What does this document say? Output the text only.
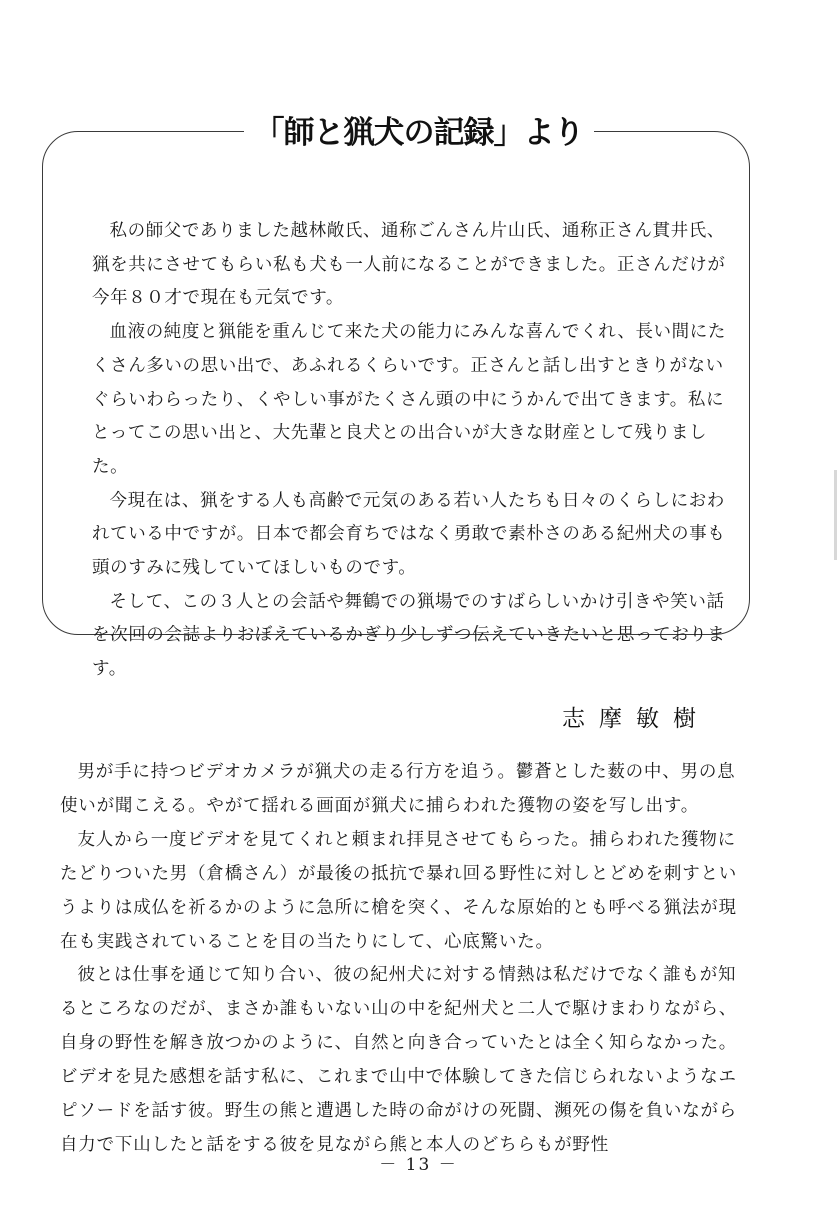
「師と猟犬の記録」より

私の師父でありました越林敞氏、通称ごんさん片山氏、通称正さん貫井氏、猟を共にさせてもらい私も犬も一人前になることができました。正さんだけが今年８０才で現在も元気です。

血液の純度と猟能を重んじて来た犬の能力にみんな喜んでくれ、長い間にたくさん多いの思い出で、あふれるくらいです。正さんと話し出すときりがないぐらいわらったり、くやしい事がたくさん頭の中にうかんで出てきます。私にとってこの思い出と、大先輩と良犬との出合いが大きな財産として残りました。

今現在は、猟をする人も高齢で元気のある若い人たちも日々のくらしにおわれている中ですが。日本で都会育ちではなく勇敢で素朴さのある紀州犬の事も頭のすみに残していてほしいものです。

そして、この３人との会話や舞鶴での猟場でのすばらしいかけ引きや笑い話を次回の会誌よりおぼえているかぎり少しずつ伝えていきたいと思っております。

志摩敏樹

男が手に持つビデオカメラが猟犬の走る行方を追う。鬱蒼とした薮の中、男の息使いが聞こえる。やがて揺れる画面が猟犬に捕らわれた獲物の姿を写し出す。

友人から一度ビデオを見てくれと頼まれ拝見させてもらった。捕らわれた獲物にたどりついた男（倉橋さん）が最後の抵抗で暴れ回る野性に対しとどめを刺すというよりは成仏を祈るかのように急所に槍を突く、そんな原始的とも呼べる猟法が現在も実践されていることを目の当たりにして、心底驚いた。

彼とは仕事を通じて知り合い、彼の紀州犬に対する情熱は私だけでなく誰もが知るところなのだが、まさか誰もいない山の中を紀州犬と二人で駆けまわりながら、自身の野性を解き放つかのように、自然と向き合っていたとは全く知らなかった。ビデオを見た感想を話す私に、これまで山中で体験してきた信じられないようなエピソードを話す彼。野生の熊と遭遇した時の命がけの死闘、瀕死の傷を負いながら自力で下山したと話をする彼を見ながら熊と本人のどちらもが野性

－ 13 －
